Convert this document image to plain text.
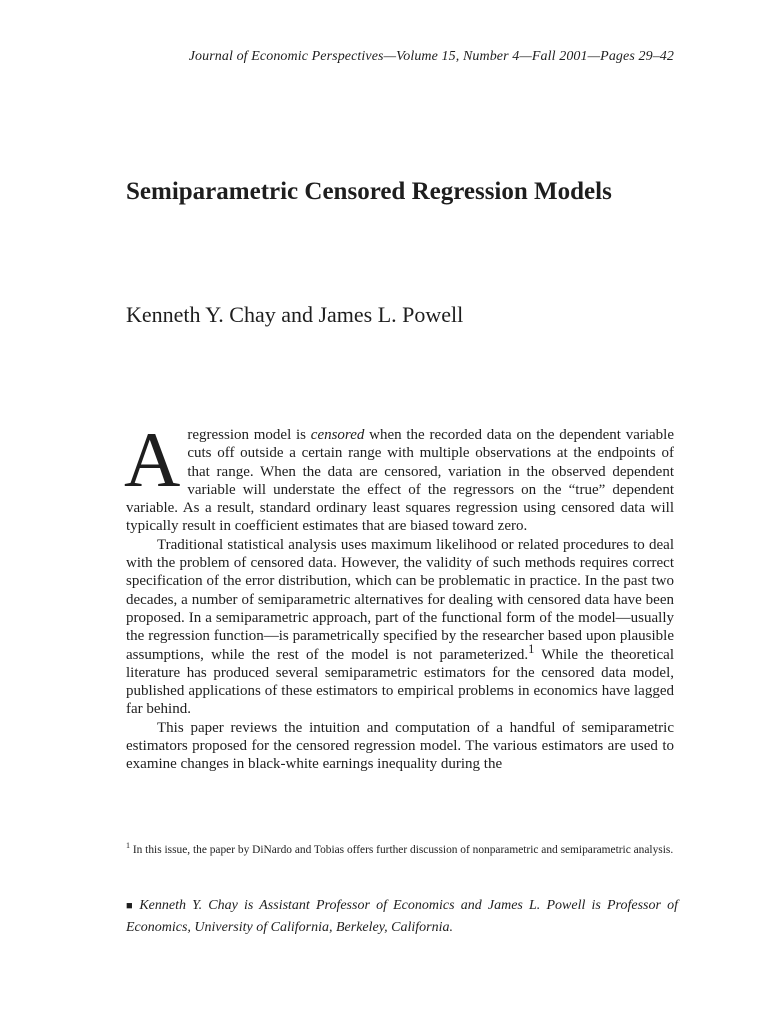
Journal of Economic Perspectives—Volume 15, Number 4—Fall 2001—Pages 29–42
Semiparametric Censored Regression Models
Kenneth Y. Chay and James L. Powell

A regression model is censored when the recorded data on the dependent variable cuts off outside a certain range with multiple observations at the endpoints of that range. When the data are censored, variation in the observed dependent variable will understate the effect of the regressors on the “true” dependent variable. As a result, standard ordinary least squares regression using censored data will typically result in coefficient estimates that are biased toward zero.

Traditional statistical analysis uses maximum likelihood or related procedures to deal with the problem of censored data. However, the validity of such methods requires correct specification of the error distribution, which can be problematic in practice. In the past two decades, a number of semiparametric alternatives for dealing with censored data have been proposed. In a semiparametric approach, part of the functional form of the model—usually the regression function—is parametrically specified by the researcher based upon plausible assumptions, while the rest of the model is not parameterized.$^1$ While the theoretical literature has produced several semiparametric estimators for the censored data model, published applications of these estimators to empirical problems in economics have lagged far behind.

This paper reviews the intuition and computation of a handful of semiparametric estimators proposed for the censored regression model. The various estimators are used to examine changes in black-white earnings inequality during the

$^1$ In this issue, the paper by DiNardo and Tobias offers further discussion of nonparametric and semiparametric analysis.
■ Kenneth Y. Chay is Assistant Professor of Economics and James L. Powell is Professor of Economics, University of California, Berkeley, California.
